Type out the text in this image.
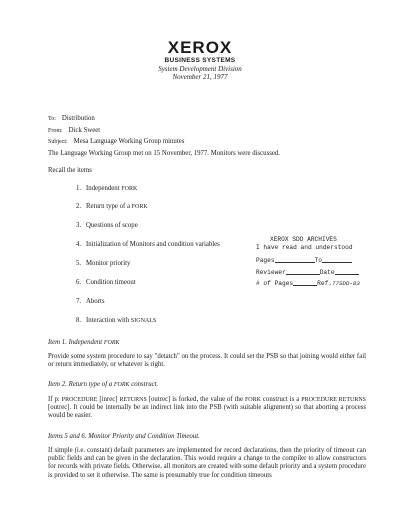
XEROX
BUSINESS SYSTEMS
System Development Division
November 21, 1977
To: Distribution
From: Dick Sweet
Subject: Mesa Language Working Group minutes
The Language Working Group met on 15 November, 1977. Monitors were discussed.
Recall the items
1. Independent FORK
2. Return type of a FORK
3. Questions of scope
4. Initialization of Monitors and condition variables
5. Monitor priority
6. Condition timeout
7. Aborts
8. Interaction with SIGNALS
XEROX SDD ARCHIVES
I have read and understood
Pages	To
Reviewer	Date
# of Pages	Ref.77SDD-83
Item 1. Independent FORK
Provide some system procedure to say "detatch" on the process. It could set the PSB so that joining would either fail or return immediately, or whatever is right.
Item 2. Return type of a FORK construct.
If p: PROCEDURE [inrec] RETURNS [outrec] is forked, the value of the FORK construct is a PROCEDURE RETURNS [outrec]. It could be internally be an indirect link into the PSB (with suitable alignment) so that aborting a process would be easier.
Items 5 and 6. Monitor Priority and Condition Timeout.
If simple (i.e. constant) default parameters are implemented for record declarations, then the priority of timeout can public fields and can be given in the declaration. This would require a change to the compiler to allow constructors for records with private fields. Otherwise, all monitors are created with some default priority and a system procedure is provided to set it otherwise. The same is presumably true for condition timeouts
